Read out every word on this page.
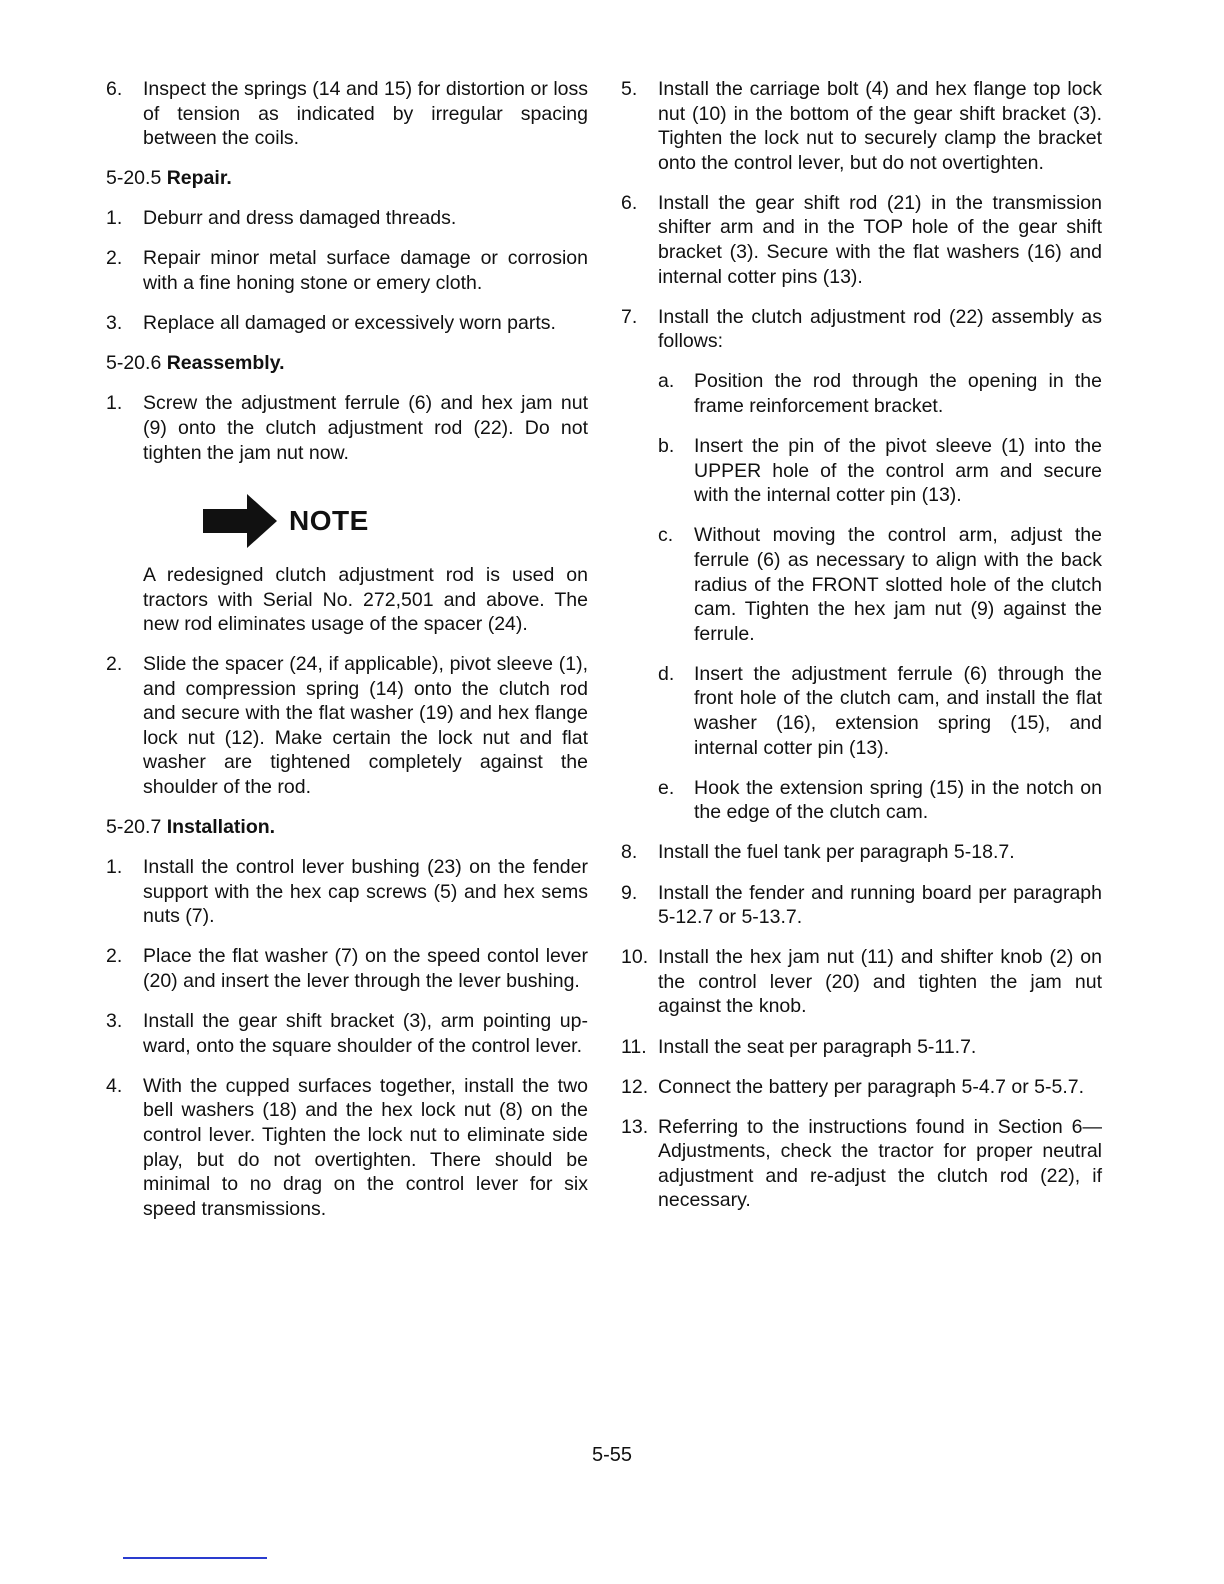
6.	Inspect the springs (14 and 15) for distortion or loss of tension as indicated by irregular spacing between the coils.
5-20.5 Repair.
1.	Deburr and dress damaged threads.
2.	Repair minor metal surface damage or corrosion with a fine honing stone or emery cloth.
3.	Replace all damaged or excessively worn parts.
5-20.6 Reassembly.
1.	Screw the adjustment ferrule (6) and hex jam nut (9) onto the clutch adjustment rod (22). Do not tighten the jam nut now.
NOTE
A redesigned clutch adjustment rod is used on tractors with Serial No. 272,501 and above. The new rod eliminates usage of the spacer (24).
2.	Slide the spacer (24, if applicable), pivot sleeve (1), and compression spring (14) onto the clutch rod and secure with the flat washer (19) and hex flange lock nut (12). Make certain the lock nut and flat washer are tightened completely against the shoulder of the rod.
5-20.7 Installation.
1.	Install the control lever bushing (23) on the fender support with the hex cap screws (5) and hex sems nuts (7).
2.	Place the flat washer (7) on the speed contol lever (20) and insert the lever through the lever bushing.
3.	Install the gear shift bracket (3), arm pointing upward, onto the square shoulder of the control lever.
4.	With the cupped surfaces together, install the two bell washers (18) and the hex lock nut (8) on the control lever. Tighten the lock nut to eliminate side play, but do not overtighten. There should be minimal to no drag on the control lever for six speed transmissions.
5.	Install the carriage bolt (4) and hex flange top lock nut (10) in the bottom of the gear shift bracket (3). Tighten the lock nut to securely clamp the bracket onto the control lever, but do not overtighten.
6.	Install the gear shift rod (21) in the transmission shifter arm and in the TOP hole of the gear shift bracket (3). Secure with the flat washers (16) and internal cotter pins (13).
7.	Install the clutch adjustment rod (22) assembly as follows:
a.	Position the rod through the opening in the frame reinforcement bracket.
b.	Insert the pin of the pivot sleeve (1) into the UPPER hole of the control arm and secure with the internal cotter pin (13).
c.	Without moving the control arm, adjust the ferrule (6) as necessary to align with the back radius of the FRONT slotted hole of the clutch cam. Tighten the hex jam nut (9) against the ferrule.
d.	Insert the adjustment ferrule (6) through the front hole of the clutch cam, and install the flat washer (16), extension spring (15), and internal cotter pin (13).
e.	Hook the extension spring (15) in the notch on the edge of the clutch cam.
8.	Install the fuel tank per paragraph 5-18.7.
9.	Install the fender and running board per paragraph 5-12.7 or 5-13.7.
10. Install the hex jam nut (11) and shifter knob (2) on the control lever (20) and tighten the jam nut against the knob.
11. Install the seat per paragraph 5-11.7.
12. Connect the battery per paragraph 5-4.7 or 5-5.7.
13. Referring to the instructions found in Section 6— Adjustments, check the tractor for proper neutral adjustment and re-adjust the clutch rod (22), if necessary.
5-55
